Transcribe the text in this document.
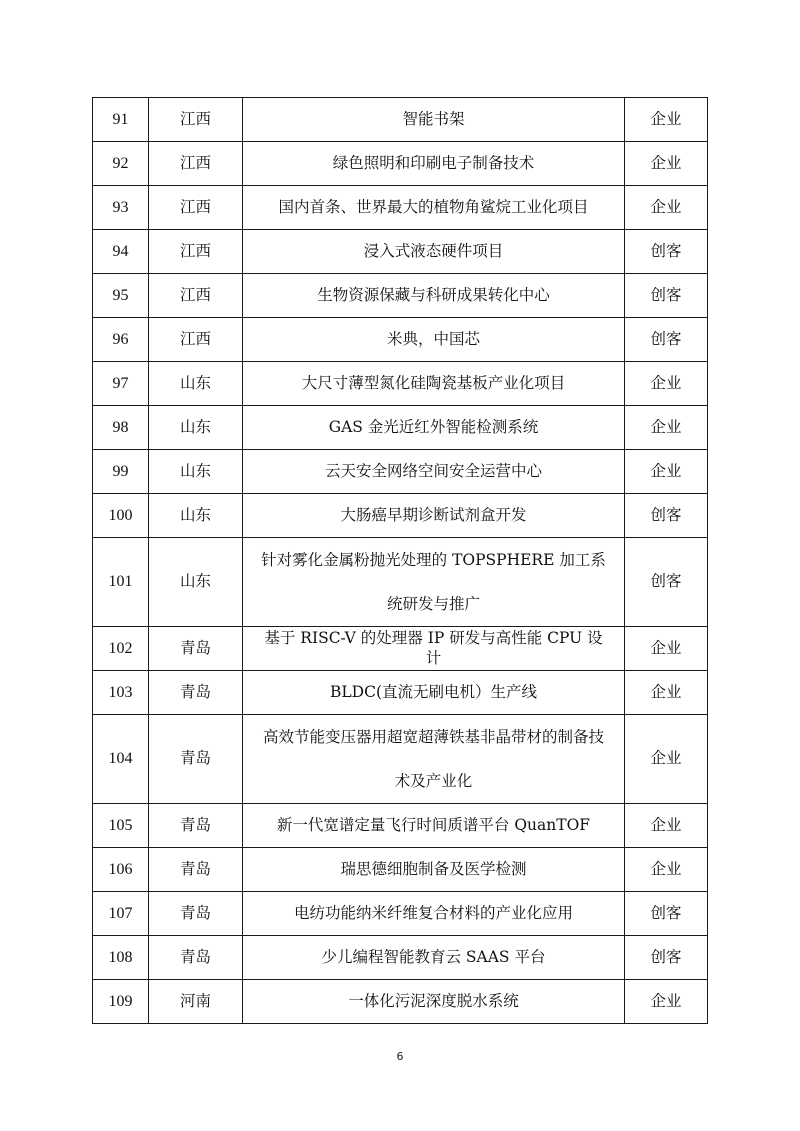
91	江西	智能书架	企业
92	江西	绿色照明和印刷电子制备技术	企业
93	江西	国内首条、世界最大的植物角鲨烷工业化项目	企业
94	江西	浸入式液态硬件项目	创客
95	江西	生物资源保藏与科研成果转化中心	创客
96	江西	米典，中国芯	创客
97	山东	大尺寸薄型氮化硅陶瓷基板产业化项目	企业
98	山东	GAS 金光近红外智能检测系统	企业
99	山东	云天安全网络空间安全运营中心	企业
100	山东	大肠癌早期诊断试剂盒开发	创客
101	山东	针对雾化金属粉抛光处理的 TOPSPHERE 加工系统研发与推广	创客
102	青岛	基于 RISC-V 的处理器 IP 研发与高性能 CPU 设计	企业
103	青岛	BLDC(直流无刷电机）生产线	企业
104	青岛	高效节能变压器用超宽超薄铁基非晶带材的制备技术及产业化	企业
105	青岛	新一代宽谱定量飞行时间质谱平台 QuanTOF	企业
106	青岛	瑞思德细胞制备及医学检测	企业
107	青岛	电纺功能纳米纤维复合材料的产业化应用	创客
108	青岛	少儿编程智能教育云 SAAS 平台	创客
109	河南	一体化污泥深度脱水系统	企业
6
